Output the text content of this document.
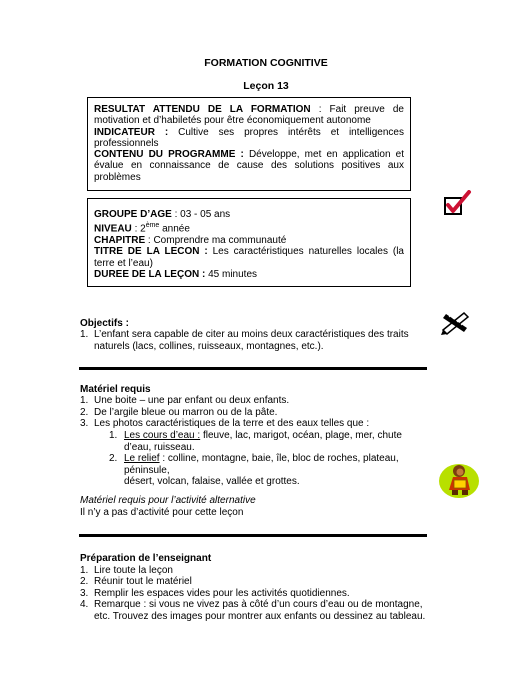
FORMATION COGNITIVE
Leçon 13

RESULTAT ATTENDU DE LA FORMATION : Fait preuve de motivation et d’habiletés pour être économiquement autonome

INDICATEUR : Cultive ses propres intérêts et intelligences professionnels

CONTENU DU PROGRAMME : Développe, met en application et évalue en connaissance de cause des solutions positives aux problèmes

GROUPE D’AGE : 03 - 05 ans

NIVEAU : 2ème année

CHAPITRE : Comprendre ma communauté

TITRE DE LA LECON : Les caractéristiques naturelles locales (la terre et l’eau)

DUREE DE LA LEÇON : 45 minutes

Objectifs :
1. L’enfant sera capable de citer au moins deux caractéristiques des traits
naturels (lacs, collines, ruisseaux, montagnes, etc.).
Matériel requis
1. Une boite – une par enfant ou deux enfants.
2. De l’argile bleue ou marron ou de la pâte.
3. Les photos caractéristiques de la terre et des eaux telles que :
1. Les cours d’eau : fleuve, lac, marigot, océan, plage, mer, chute
d’eau, ruisseau.
2. Le relief : colline, montagne, baie, île, bloc de roches, plateau, péninsule,
désert, volcan, falaise, vallée et grottes.
Matériel requis pour l’activité alternative
Il n’y a pas d’activité pour cette leçon
Préparation de l’enseignant
1. Lire toute la leçon
2. Réunir tout le matériel
3. Remplir les espaces vides pour les activités quotidiennes.
4. Remarque : si vous ne vivez pas à côté d’un cours d’eau ou de montagne,
etc. Trouvez des images pour montrer aux enfants ou dessinez au tableau.
